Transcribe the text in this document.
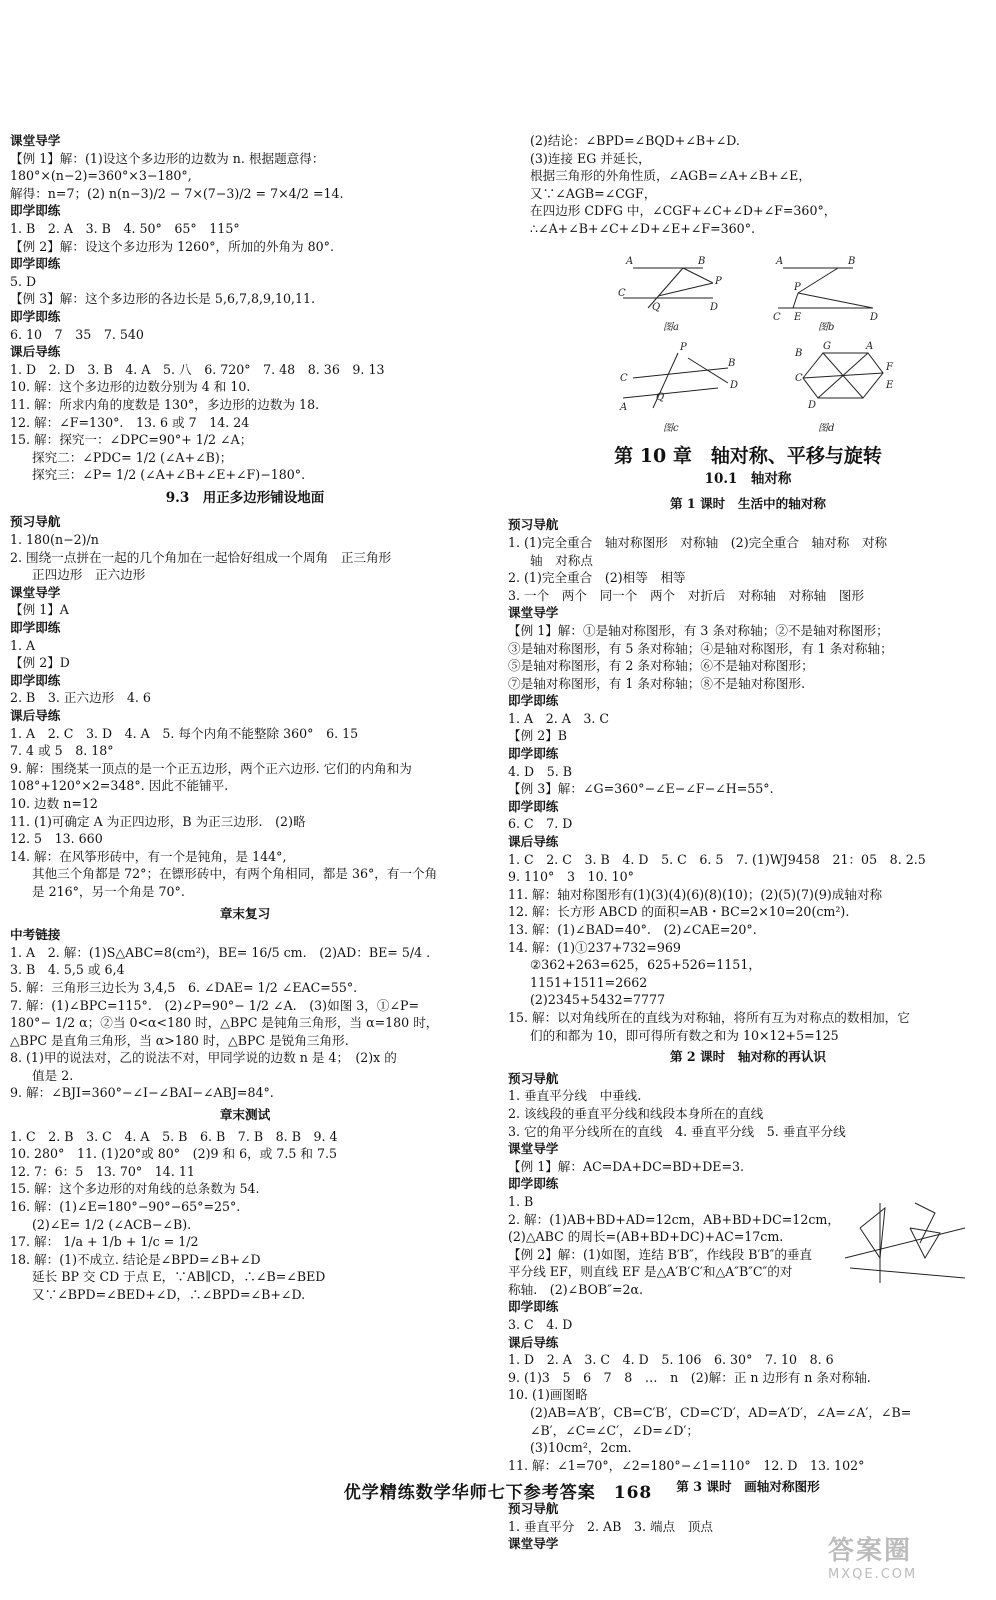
课堂导学
【例 1】解：(1)设这个多边形的边数为 n. 根据题意得：
180°×(n−2)=360°×3−180°,
解得：n=7；(2) n(n−3)/2 − 7×(7−3)/2 = 7×4/2 =14.
即学即练
1. B　2. A　3. B　4. 50°　65°　115°
【例 2】解：设这个多边形为 1260°，所加的外角为 80°.
即学即练
5. D
【例 3】解：这个多边形的各边长是 5,6,7,8,9,10,11.
即学即练
6. 10　7　35　7. 540
课后导练
1. D　2. D　3. B　4. A　5. 八　6. 720°　7. 48　8. 36　9. 13
10. 解：这个多边形的边数分别为 4 和 10.
11. 解：所求内角的度数是 130°，多边形的边数为 18.
12. 解：∠F=130°.　13. 6 或 7　14. 24
15. 解：探究一：∠DPC=90°+ 1/2 ∠A；
探究二：∠PDC= 1/2 (∠A+∠B)；
探究三：∠P= 1/2 (∠A+∠B+∠E+∠F)−180°.
9.3　用正多边形铺设地面
预习导航
1. 180(n−2)/n
2. 围绕一点拼在一起的几个角加在一起恰好组成一个周角　正三角形
正四边形　正六边形
课堂导学
【例 1】A
即学即练
1. A
【例 2】D
即学即练
2. B　3. 正六边形　4. 6
课后导练
1. A　2. C　3. D　4. A　5. 每个内角不能整除 360°　6. 15
7. 4 或 5　8. 18°
9. 解：围绕某一顶点的是一个正五边形，两个正六边形. 它们的内角和为
108°+120°×2=348°. 因此不能铺平.
10. 边数 n=12
11. (1)可确定 A 为正四边形，B 为正三边形.　(2)略
12. 5　13. 660
14. 解：在风筝形砖中，有一个是钝角，是 144°,
其他三个角都是 72°；在镖形砖中，有两个角相同，都是 36°，有一个角
是 216°，另一个角是 70°.
章末复习
中考链接
1. A　2. 解：(1)S△ABC=8(cm²)，BE= 16/5 cm.　(2)AD：BE= 5/4 .
3. B　4. 5,5 或 6,4
5. 解：三角形三边长为 3,4,5　6. ∠DAE= 1/2 ∠EAC=55°.
7. 解：(1)∠BPC=115°.　(2)∠P=90°− 1/2 ∠A.　(3)如图 3，①∠P=
180°− 1/2 α；②当 0<α<180 时，△BPC 是钝角三角形，当 α=180 时，
△BPC 是直角三角形，当 α>180 时，△BPC 是锐角三角形.
8. (1)甲的说法对，乙的说法不对，甲同学说的边数 n 是 4；　(2)x 的
值是 2.
9. 解：∠BJI=360°−∠I−∠BAI−∠ABJ=84°.
章末测试
1. C　2. B　3. C　4. A　5. B　6. B　7. B　8. B　9. 4
10. 280°　11. (1)20°或 80°　(2)9 和 6，或 7.5 和 7.5
12. 7：6：5　13. 70°　14. 11
15. 解：这个多边形的对角线的总条数为 54.
16. 解：(1)∠E=180°−90°−65°=25°.
(2)∠E= 1/2 (∠ACB−∠B).
17. 解： 1/a + 1/b + 1/c = 1/2
18. 解：(1)不成立. 结论是∠BPD=∠B+∠D
延长 BP 交 CD 于点 E，∵AB∥CD，∴∠B=∠BED
又∵∠BPD=∠BED+∠D，∴∠BPD=∠B+∠D.
(2)结论：∠BPD=∠BQD+∠B+∠D.
(3)连接 EG 并延长，
根据三角形的外角性质，∠AGB=∠A+∠B+∠E，
又∵∠AGB=∠CGF，
在四边形 CDFG 中，∠CGF+∠C+∠D+∠F=360°，
∴∠A+∠B+∠C+∠D+∠E+∠F=360°.
A	B
C
Q
P
D
图a
A	B
P
C E	D
图b
B
P
C
Q
A
D
图c
B
G	A
F
C
D
E
图d
第 10 章　轴对称、平移与旋转
10.1　轴对称
第 1 课时　生活中的轴对称
预习导航
1. (1)完全重合　轴对称图形　对称轴　(2)完全重合　轴对称　对称
轴　对称点
2. (1)完全重合　(2)相等　相等
3. 一个　两个　同一个　两个　对折后　对称轴　对称轴　图形
课堂导学
【例 1】解：①是轴对称图形，有 3 条对称轴；②不是轴对称图形；
③是轴对称图形，有 5 条对称轴；④是轴对称图形，有 1 条对称轴；
⑤是轴对称图形，有 2 条对称轴；⑥不是轴对称图形；
⑦是轴对称图形，有 1 条对称轴；⑧不是轴对称图形.
即学即练
1. A　2. A　3. C
【例 2】B
即学即练
4. D　5. B
【例 3】解：∠G=360°−∠E−∠F−∠H=55°.
即学即练
6. C　7. D
课后导练
1. C　2. C　3. B　4. D　5. C　6. 5　7. (1)WJ9458　21：05　8. 2.5
9. 110°　3　10. 10°
11. 解：轴对称图形有(1)(3)(4)(6)(8)(10)；(2)(5)(7)(9)成轴对称
12. 解：长方形 ABCD 的面积=AB・BC=2×10=20(cm²).
13. 解：(1)∠BAD=40°.　(2)∠CAE=20°.
14. 解：(1)①237+732=969
②362+263=625，625+526=1151，
1151+1511=2662
(2)2345+5432=7777
15. 解：以对角线所在的直线为对称轴，将所有互为对称点的数相加，它
们的和都为 10，即可得所有数之和为 10×12+5=125
第 2 课时　轴对称的再认识
预习导航
1. 垂直平分线　中垂线.
2. 该线段的垂直平分线和线段本身所在的直线
3. 它的角平分线所在的直线　4. 垂直平分线　5. 垂直平分线
课堂导学
【例 1】解：AC=DA+DC=BD+DE=3.
即学即练
1. B
2. 解：(1)AB+BD+AD=12cm，AB+BD+DC=12cm，
(2)△ABC 的周长=(AB+BD+DC)+AC=17cm.
【例 2】解：(1)如图，连结 B′B″，作线段 B′B″的垂直
平分线 EF，则直线 EF 是△A′B′C′和△A″B″C″的对
称轴.　(2)∠BOB″=2α.
即学即练
3. C　4. D
课后导练
1. D　2. A　3. C　4. D　5. 106　6. 30°　7. 10　8. 6
9. (1)3　5　6　7　8　…　n　(2)解：正 n 边形有 n 条对称轴.
10. (1)画图略
(2)AB=A′B′，CB=C′B′，CD=C′D′，AD=A′D′，∠A=∠A′，∠B=
∠B′，∠C=∠C′，∠D=∠D′；
(3)10cm²，2cm.
11. 解：∠1=70°，∠2=180°−∠1=110°　12. D　13. 102°
第 3 课时　画轴对称图形
预习导航
1. 垂直平分　2. AB　3. 端点　顶点
课堂导学
优学精练数学华师七下参考答案　168
答案圈
MXQE.COM
